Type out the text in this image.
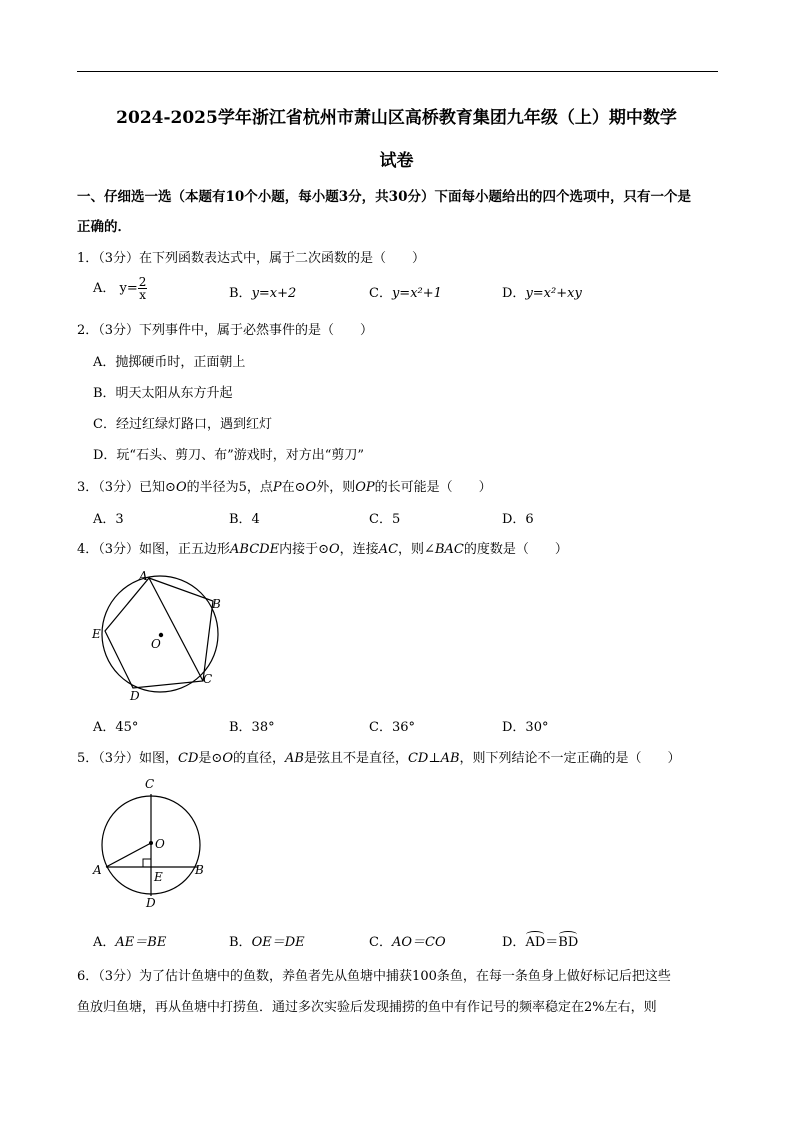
2024-2025学年浙江省杭州市萧山区高桥教育集团九年级（上）期中数学
试卷
一、仔细选一选（本题有10个小题，每小题3分，共30分）下面每小题给出的四个选项中，只有一个是
正确的．
1．（3分）在下列函数表达式中，属于二次函数的是（　　）
A． $y= \frac{2}{x}$	B．y=x+2	C．y=x²+1	D．y=x²+xy
2．（3分）下列事件中，属于必然事件的是（　　）
A．抛掷硬币时，正面朝上
B．明天太阳从东方升起
C．经过红绿灯路口，遇到红灯
D．玩“石头、剪刀、布”游戏时，对方出“剪刀”
3．（3分）已知⊙O的半径为5，点P在⊙O外，则OP的长可能是（　　）
A．3	B．4	C．5	D．6
4．（3分）如图，正五边形ABCDE内接于⊙O，连接AC，则∠BAC的度数是（　　）
A
B
C
D
E
O
A．45°	B．38°	C．36°	D．30°
5．（3分）如图，CD是⊙O的直径，AB是弦且不是直径，CD⊥AB，则下列结论不一定正确的是（　　）
C
O
A	B
E
D
A．AE＝BE	B．OE＝DE	C．AO＝CO	D．AD＝BD
6．（3分）为了估计鱼塘中的鱼数，养鱼者先从鱼塘中捕获100条鱼，在每一条鱼身上做好标记后把这些
鱼放归鱼塘，再从鱼塘中打捞鱼．通过多次实验后发现捕捞的鱼中有作记号的频率稳定在2%左右，则
